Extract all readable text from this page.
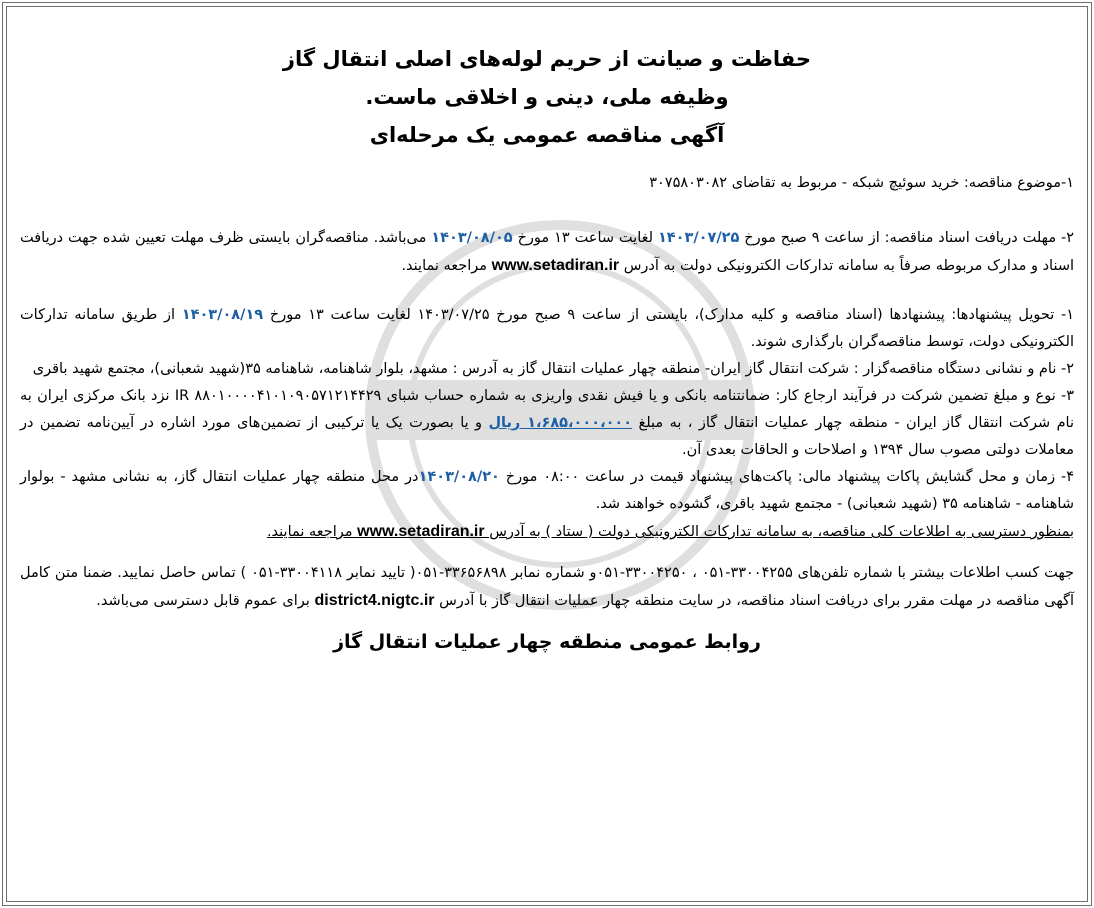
حفاظت و صیانت از حریم لوله‌های اصلی انتقال گاز

وظیفه ملی، دینی و اخلاقی ماست.

آگهی مناقصه عمومی یک مرحله‌ای

۱-موضوع مناقصه: خرید سوئیچ شبکه - مربوط به تقاضای ۳۰۷۵۸۰۳۰۸۲

۲- مهلت دریافت اسناد مناقصه: از ساعت ۹ صبح مورخ ۱۴۰۳/۰۷/۲۵ لغایت ساعت ۱۳ مورخ ۱۴۰۳/۰۸/۰۵ می‌باشد. مناقصه‌گران بایستی ظرف مهلت تعیین شده جهت دریافت اسناد و مدارک مربوطه صرفاً به سامانه تدارکات الکترونیکی دولت به آدرس www.setadiran.ir مراجعه نمایند.

۱- تحویل پیشنهادها: پیشنهادها (اسناد مناقصه و کلیه مدارک)، بایستی از ساعت ۹ صبح مورخ ۱۴۰۳/۰۷/۲۵ لغایت ساعت ۱۳ مورخ ۱۴۰۳/۰۸/۱۹ از طریق سامانه تدارکات الکترونیکی دولت، توسط مناقصه‌گران بارگذاری شوند.

۲- نام و نشانی دستگاه مناقصه‌گزار : شرکت انتقال گاز ایران- منطقه چهار عملیات انتقال گاز به آدرس : مشهد، بلوار شاهنامه، شاهنامه ۳۵(شهید شعبانی)، مجتمع شهید باقری

۳- نوع و مبلغ تضمین شرکت در فرآیند ارجاع کار: ضمانتنامه بانکی و یا فیش نقدی واریزی به شماره حساب شبای IR ۸۸۰۱۰۰۰۰۴۱۰۱۰۹۰۵۷۱۲۱۴۴۲۹ نزد بانک مرکزی ایران به نام شرکت انتقال گاز ایران - منطقه چهار عملیات انتقال گاز ، به مبلغ ۱،۶۸۵،۰۰۰،۰۰۰ ریال و یا بصورت یک یا ترکیبی از تضمین‌های مورد اشاره در آیین‌نامه تضمین در معاملات دولتی مصوب سال ۱۳۹۴ و اصلاحات و الحاقات بعدی آن.

۴- زمان و محل گشایش پاکات پیشنهاد مالی: پاکت‌های پیشنهاد قیمت در ساعت ۰۸:۰۰ مورخ ۱۴۰۳/۰۸/۲۰در محل منطقه چهار عملیات انتقال گاز، به نشانی مشهد - بولوار شاهنامه - شاهنامه ۳۵ (شهید شعبانی) - مجتمع شهید باقری، گشوده خواهند شد.

بمنظور دسترسی به اطلاعات کلی مناقصه، به سامانه تدارکات الکترونیکی دولت ( ستاد ) به آدرس www.setadiran.ir مراجعه نمایند.

جهت کسب اطلاعات بیشتر با شماره تلفن‌های ۳۳۰۰۴۲۵۵-۰۵۱ ، ۳۳۰۰۴۲۵۰-۰۵۱و شماره نمابر ۳۳۶۵۶۸۹۸-۰۵۱( تایید نمابر ۳۳۰۰۴۱۱۸-۰۵۱ ) تماس حاصل نمایید. ضمنا متن کامل آگهی مناقصه در مهلت مقرر برای دریافت اسناد مناقصه، در سایت منطقه چهار عملیات انتقال گاز با آدرس district4.nigtc.ir برای عموم قابل دسترسی می‌باشد.

روابط عمومی منطقه چهار عملیات انتقال گاز
